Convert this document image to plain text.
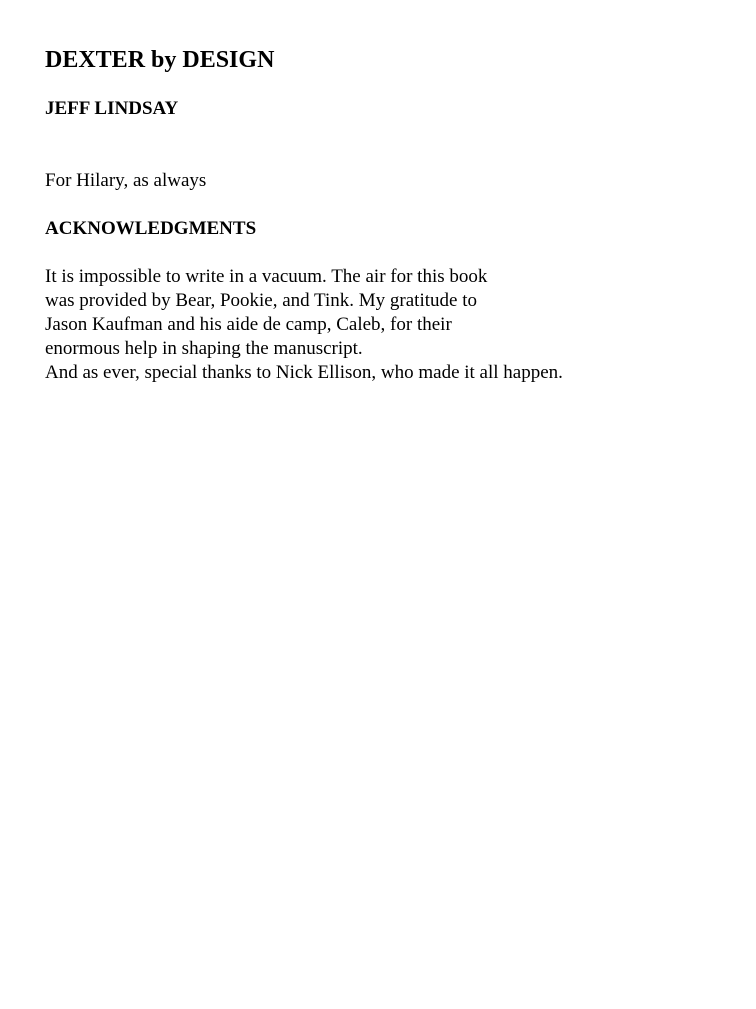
DEXTER by DESIGN
JEFF LINDSAY

For Hilary, as always

ACKNOWLEDGMENTS

It is impossible to write in a vacuum. The air for this book
was provided by Bear, Pookie, and Tink. My gratitude to
Jason Kaufman and his aide de camp, Caleb, for their
enormous help in shaping the manuscript.
And as ever, special thanks to Nick Ellison, who made it all happen.
